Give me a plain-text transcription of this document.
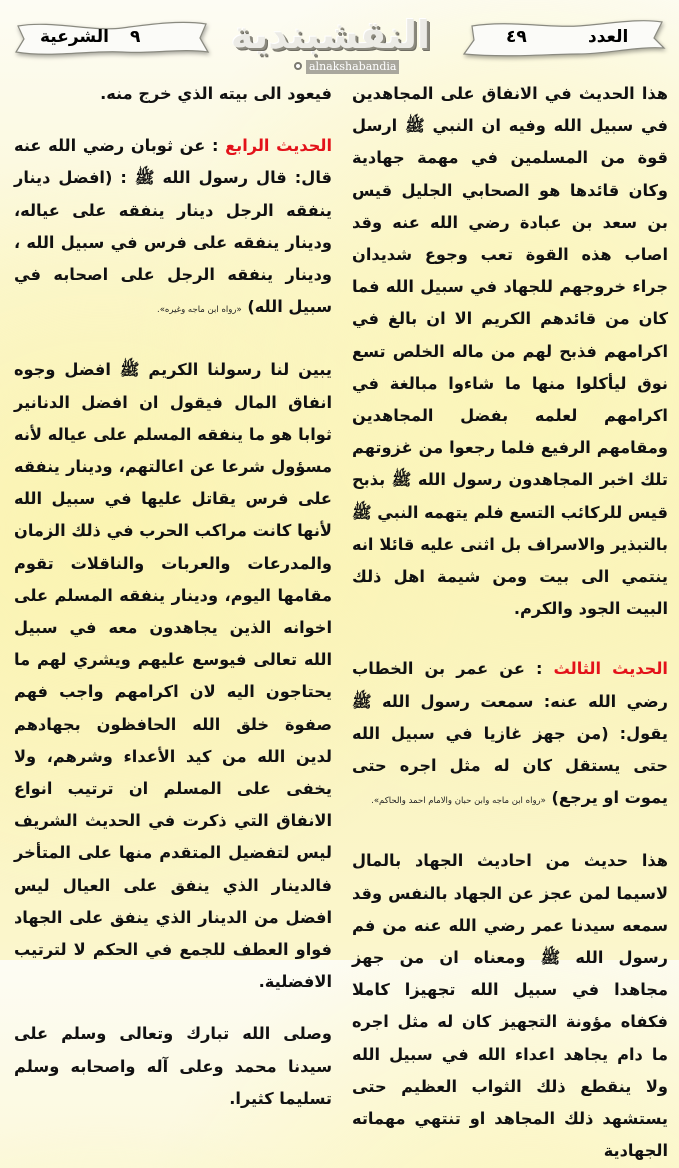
الشرعية ٩ النقشبندية
alnakshabandia
٤٩	العدد

هذا الحديث في الانفاق على المجاهدين في سبيل الله وفيه ان النبي ﷺ ارسل قوة من المسلمين في مهمة جهادية وكان قائدها هو الصحابي الجليل قيس بن سعد بن عبادة رضي الله عنه وقد اصاب هذه القوة تعب وجوع شديدان جراء خروجهم للجهاد في سبيل الله فما كان من قائدهم الكريم الا ان بالغ في اكرامهم فذبح لهم من ماله الخلص تسع نوق ليأكلوا منها ما شاءوا مبالغة في اكرامهم لعلمه بفضل المجاهدين ومقامهم الرفيع فلما رجعوا من غزوتهم تلك اخبر المجاهدون رسول الله ﷺ بذبح قيس للركائب التسع فلم يتهمه النبي ﷺ بالتبذير والاسراف بل اثنى عليه قائلا انه ينتمي الى بيت ومن شيمة اهل ذلك البيت الجود والكرم.

الحديث الثالث : عن عمر بن الخطاب رضي الله عنه: سمعت رسول الله ﷺ يقول: (من جهز غازيا في سبيل الله حتى يستقل كان له مثل اجره حتى يموت او يرجع) «رواه ابن ماجه وابن حبان والامام احمد والحاكم».

هذا حديث من احاديث الجهاد بالمال لاسيما لمن عجز عن الجهاد بالنفس وقد سمعه سيدنا عمر رضي الله عنه من فم رسول الله ﷺ ومعناه ان من جهز مجاهدا في سبيل الله تجهيزا كاملا فكفاه مؤونة التجهيز كان له مثل اجره ما دام يجاهد اعداء الله في سبيل الله ولا ينقطع ذلك الثواب العظيم حتى يستشهد ذلك المجاهد او تنتهي مهماته الجهادية

فيعود الى بيته الذي خرج منه.

الحديث الرابع : عن ثوبان رضي الله عنه قال: قال رسول الله ﷺ : (افضل دينار ينفقه الرجل دينار ينفقه على عياله، ودينار ينفقه على فرس في سبيل الله ، ودينار ينفقه الرجل على اصحابه في سبيل الله) «رواه ابن ماجه وغيره».

يبين لنا رسولنا الكريم ﷺ افضل وجوه انفاق المال فيقول ان افضل الدنانير ثوابا هو ما ينفقه المسلم على عياله لأنه مسؤول شرعا عن اعالتهم، ودينار ينفقه على فرس يقاتل عليها في سبيل الله لأنها كانت مراكب الحرب في ذلك الزمان والمدرعات والعربات والناقلات تقوم مقامها اليوم، ودينار ينفقه المسلم على اخوانه الذين يجاهدون معه في سبيل الله تعالى فيوسع عليهم ويشري لهم ما يحتاجون اليه لان اكرامهم واجب فهم صفوة خلق الله الحافظون بجهادهم لدين الله من كيد الأعداء وشرهم، ولا يخفى على المسلم ان ترتيب انواع الانفاق التي ذكرت في الحديث الشريف ليس لتفضيل المتقدم منها على المتأخر فالدينار الذي ينفق على العيال ليس افضل من الدينار الذي ينفق على الجهاد فواو العطف للجمع في الحكم لا لترتيب الافضلية.

وصلى الله تبارك وتعالى وسلم على سيدنا محمد وعلى آله واصحابه وسلم تسليما كثيرا.
